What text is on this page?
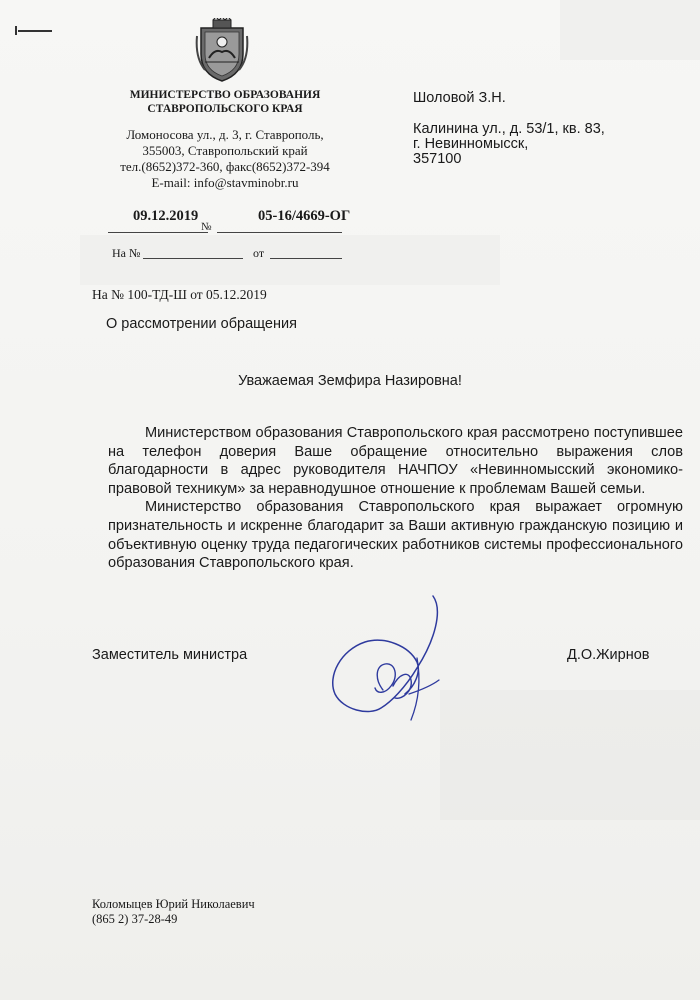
МИНИСТЕРСТВО ОБРАЗОВАНИЯ
СТАВРОПОЛЬСКОГО КРАЯ
Ломоносова ул., д. 3, г. Ставрополь,
355003, Ставропольский край
тел.(8652)372-360, факс(8652)372-394
E-mail: info@stavminobr.ru
09.12.2019
№
05-16/4669-ОГ
На №	от
Шоловой З.Н.
Калинина ул., д. 53/1, кв. 83,
г. Невинномысск,
357100
На № 100-ТД-Ш от 05.12.2019
О рассмотрении обращения
Уважаемая Земфира Назировна!

Министерством образования Ставропольского края рассмотрено поступившее на телефон доверия Ваше обращение относительно выражения слов благодарности в адрес руководителя НАЧПОУ «Невинномысский экономико-правовой техникум» за неравнодушное отношение к проблемам Вашей семьи.

Министерство образования Ставропольского края выражает огромную признательность и искренне благодарит за Ваши активную гражданскую позицию и объективную оценку труда педагогических работников системы профессионального образования Ставропольского края.

Заместитель министра	Д.О.Жирнов
Коломыцев Юрий Николаевич
(865 2) 37-28-49
